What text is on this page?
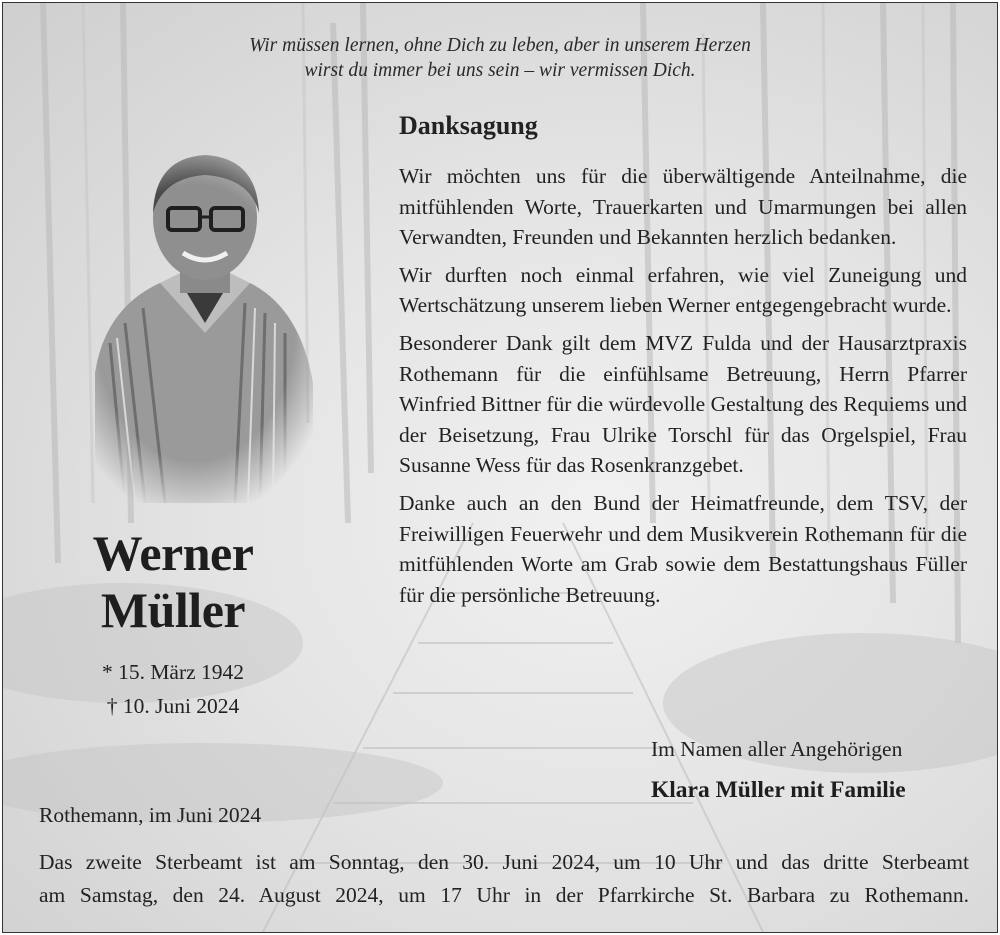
Wir müssen lernen, ohne Dich zu leben, aber in unserem Herzen
wirst du immer bei uns sein – wir vermissen Dich.
Danksagung

Wir möchten uns für die überwältigende Anteilnahme, die mitfühlenden Worte, Trauerkarten und Umarmungen bei allen Verwandten, Freunden und Bekannten herzlich bedanken.

Wir durften noch einmal erfahren, wie viel Zuneigung und Wertschätzung unserem lieben Werner entgegengebracht wurde.

Besonderer Dank gilt dem MVZ Fulda und der Hausarztpraxis Rothemann für die einfühlsame Betreuung, Herrn Pfarrer Winfried Bittner für die würdevolle Gestaltung des Requiems und der Beisetzung, Frau Ulrike Torschl für das Orgelspiel, Frau Susanne Wess für das Rosenkranzgebet.

Danke auch an den Bund der Heimatfreunde, dem TSV, der Freiwilligen Feuerwehr und dem Musikverein Rothemann für die mitfühlenden Worte am Grab sowie dem Bestattungshaus Füller für die persönliche Betreuung.

Werner
Müller
* 15. März 1942
† 10. Juni 2024
Im Namen aller Angehörigen
Klara Müller mit Familie
Rothemann, im Juni 2024
Das zweite Sterbeamt ist am Sonntag, den 30. Juni 2024, um 10 Uhr und das dritte Sterbeamt
am Samstag, den 24. August 2024, um 17 Uhr in der Pfarrkirche St. Barbara zu Rothemann.
